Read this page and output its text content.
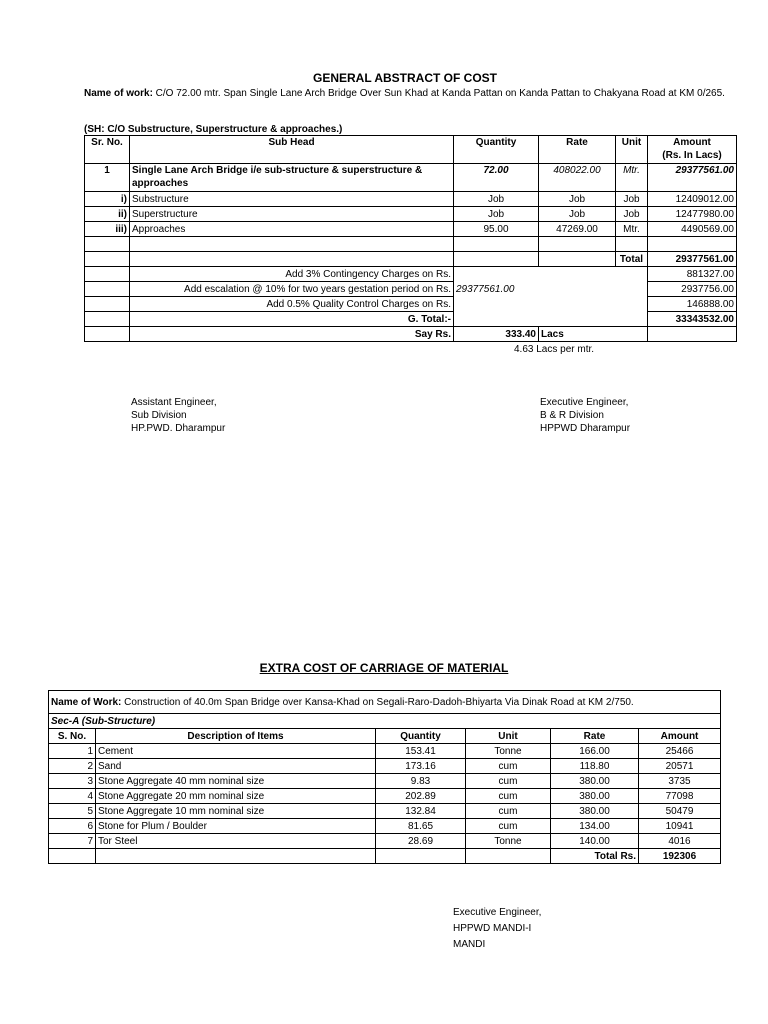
GENERAL ABSTRACT OF COST
Name of work: C/O 72.00 mtr. Span Single Lane Arch Bridge Over Sun Khad at Kanda Pattan on Kanda Pattan to Chakyana Road at KM 0/265.
(SH: C/O Substructure, Superstructure & approaches.)
Sr. No.	Sub Head	Quantity	Rate	Unit	Amount
(Rs. In Lacs)
1	Single Lane Arch Bridge i/e sub-structure & superstructure & approaches	72.00	408022.00	Mtr.	29377561.00
i)	Substructure	Job	Job	Job	12409012.00
ii)	Superstructure	Job	Job	Job	12477980.00
iii)	Approaches	95.00	47269.00	Mtr.	4490569.00

				Total	29377561.00
	Add 3% Contingency Charges on Rs.				881327.00
	Add escalation @ 10% for two years gestation period on Rs.	29377561.00			2937756.00
	Add 0.5% Quality Control Charges on Rs.				146888.00
	G. Total:-				33343532.00
	Say Rs.	333.40	Lacs		
4.63 Lacs per mtr.
Assistant Engineer,
Sub Division
HP.PWD. Dharampur
Executive Engineer,
B & R Division
HPPWD Dharampur
EXTRA COST OF CARRIAGE OF MATERIAL
Name of Work: Construction of 40.0m Span Bridge over Kansa-Khad on Segali-Raro-Dadoh-Bhiyarta Via Dinak Road at KM 2/750.					
Sec-A (Sub-Structure)					
S. No.	Description of Items	Quantity	Unit	Rate	Amount
1	Cement	153.41	Tonne	166.00	25466
2	Sand	173.16	cum	118.80	20571
3	Stone Aggregate 40 mm nominal size	9.83	cum	380.00	3735
4	Stone Aggregate 20 mm nominal size	202.89	cum	380.00	77098
5	Stone Aggregate 10 mm nominal size	132.84	cum	380.00	50479
6	Stone for Plum / Boulder	81.65	cum	134.00	10941
7	Tor Steel	28.69	Tonne	140.00	4016
				Total Rs.	192306
Executive Engineer,
HPPWD MANDI-I
MANDI
